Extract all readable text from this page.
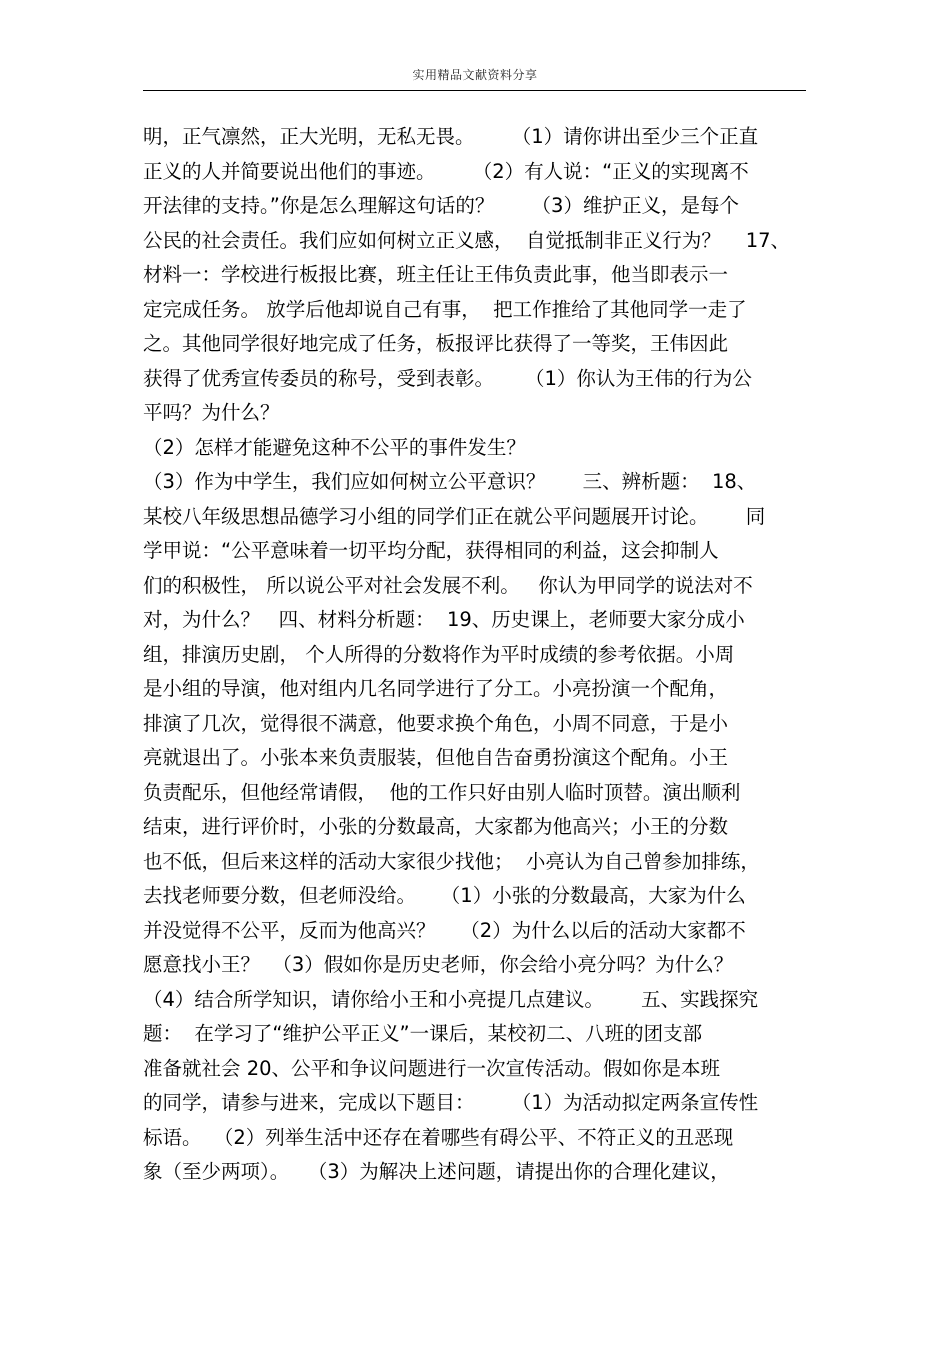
实用精品文献资料分享
明，正气凛然，正大光明，无私无畏。      （1）请你讲出至少三个正直
正义的人并简要说出他们的事迹。      （2）有人说：“正义的实现离不
开法律的支持。”你是怎么理解这句话的？      （3）维护正义，是每个
公民的社会责任。我们应如何树立正义感，  自觉抵制非正义行为？    17、
材料一：学校进行板报比赛，班主任让王伟负责此事，他当即表示一
定完成任务。 放学后他却说自己有事，  把工作推给了其他同学一走了
之。其他同学很好地完成了任务，板报评比获得了一等奖，王伟因此
获得了优秀宣传委员的称号，受到表彰。     （1）你认为王伟的行为公
平吗？为什么？
（2）怎样才能避免这种不公平的事件发生？
（3）作为中学生，我们应如何树立公平意识？      三、辨析题：  18、
某校八年级思想品德学习小组的同学们正在就公平问题展开讨论。      同
学甲说：“公平意味着一切平均分配，获得相同的利益，这会抑制人
们的积极性， 所以说公平对社会发展不利。   你认为甲同学的说法对不
对，为什么？   四、材料分析题：  19、历史课上，老师要大家分成小
组，排演历史剧， 个人所得的分数将作为平时成绩的参考依据。小周
是小组的导演，他对组内几名同学进行了分工。小亮扮演一个配角，
排演了几次，觉得很不满意，他要求换个角色，小周不同意，于是小
亮就退出了。小张本来负责服装，但他自告奋勇扮演这个配角。小王
负责配乐，但他经常请假，  他的工作只好由别人临时顶替。演出顺利
结束，进行评价时，小张的分数最高，大家都为他高兴；小王的分数
也不低，但后来这样的活动大家很少找他；  小亮认为自己曾参加排练，
去找老师要分数，但老师没给。    （1）小张的分数最高，大家为什么
并没觉得不公平，反而为他高兴？    （2）为什么以后的活动大家都不
愿意找小王？  （3）假如你是历史老师，你会给小亮分吗？为什么？
（4）结合所学知识，请你给小王和小亮提几点建议。      五、实践探究
题：  在学习了“维护公平正义”一课后，某校初二、八班的团支部
准备就社会 20、公平和争议问题进行一次宣传活动。假如你是本班
的同学，请参与进来，完成以下题目：      （1）为活动拟定两条宣传性
标语。  （2）列举生活中还存在着哪些有碍公平、不符正义的丑恶现
象（至少两项）。   （3）为解决上述问题，请提出你的合理化建议，
